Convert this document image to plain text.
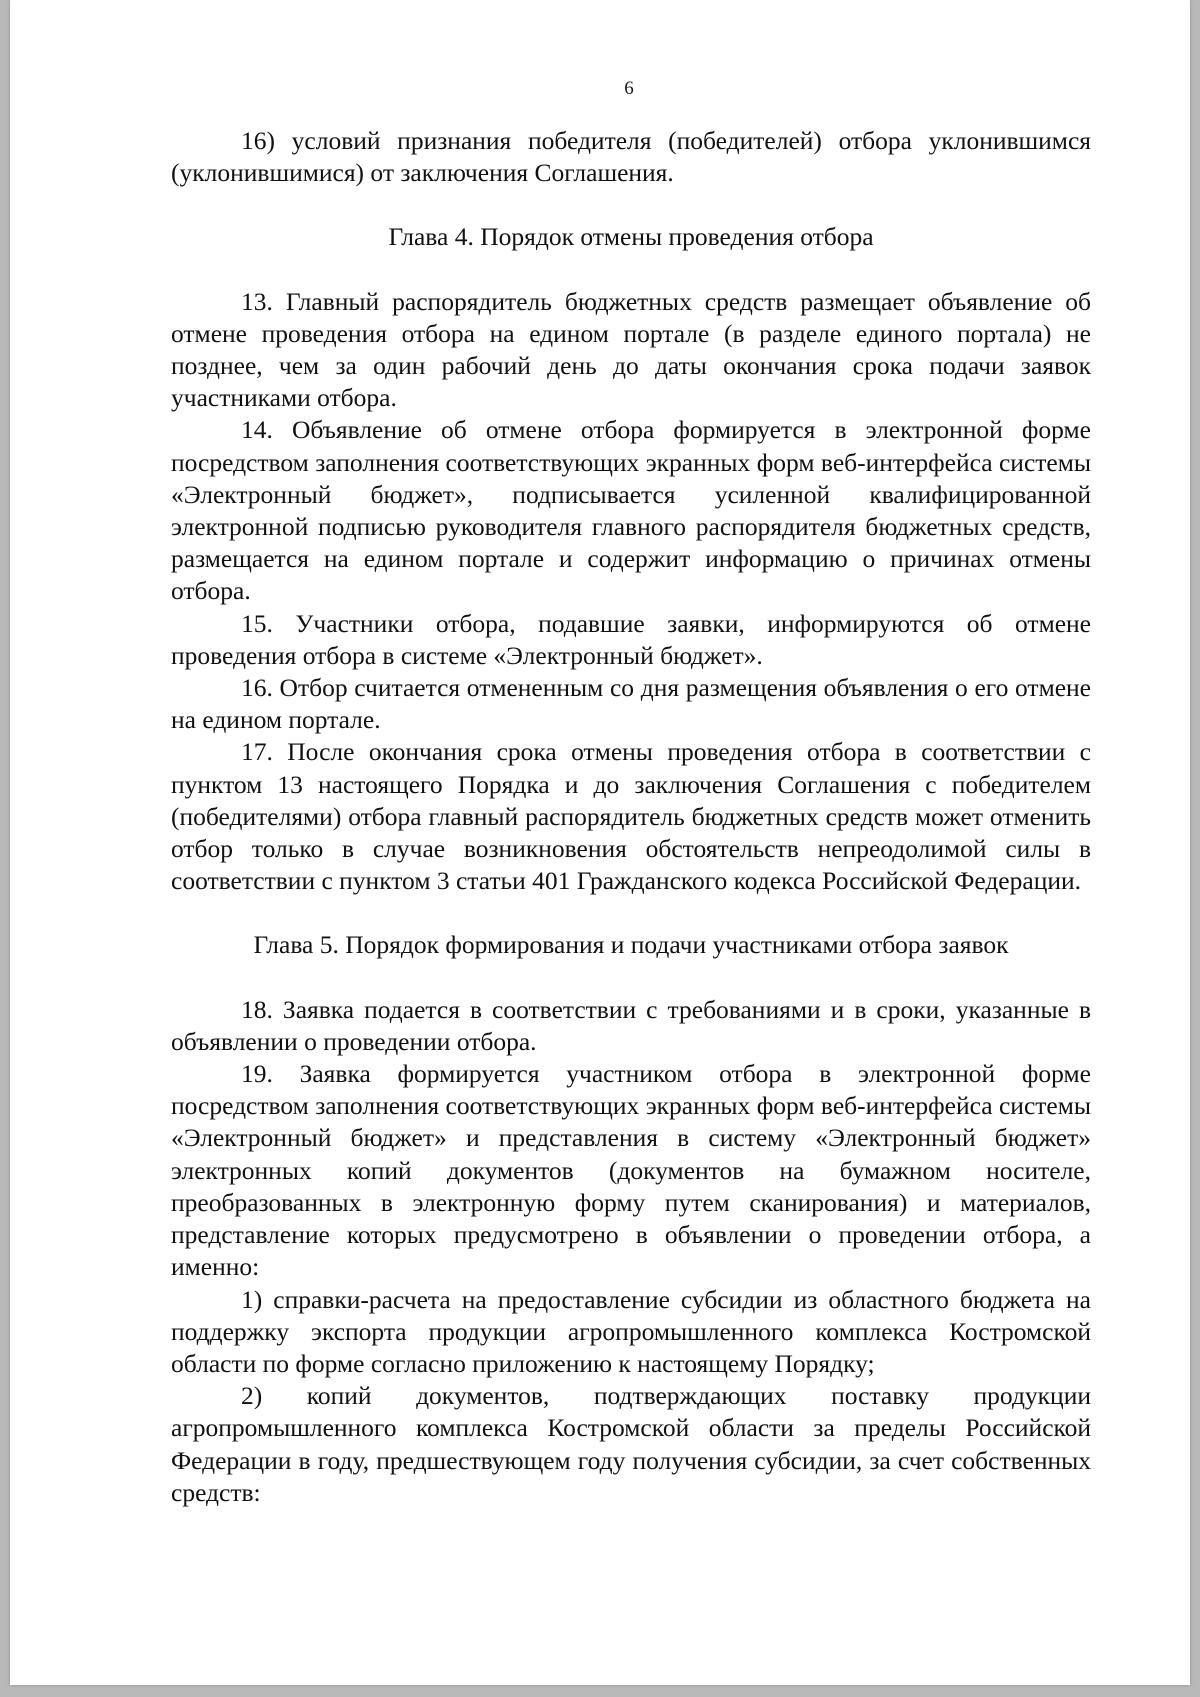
6

16) условий признания победителя (победителей) отбора уклонившимся (уклонившимися) от заключения Соглашения.

Глава 4. Порядок отмены проведения отбора

13. Главный распорядитель бюджетных средств размещает объявление об отмене проведения отбора на едином портале (в разделе единого портала) не позднее, чем за один рабочий день до даты окончания срока подачи заявок участниками отбора.

14. Объявление об отмене отбора формируется в электронной форме посредством заполнения соответствующих экранных форм веб-интерфейса системы «Электронный бюджет», подписывается усиленной квалифицированной электронной подписью руководителя главного распорядителя бюджетных средств, размещается на едином портале и содержит информацию о причинах отмены отбора.

15. Участники отбора, подавшие заявки, информируются об отмене проведения отбора в системе «Электронный бюджет».

16. Отбор считается отмененным со дня размещения объявления о его отмене на едином портале.

17. После окончания срока отмены проведения отбора в соответствии с пунктом 13 настоящего Порядка и до заключения Соглашения с победителем (победителями) отбора главный распорядитель бюджетных средств может отменить отбор только в случае возникновения обстоятельств непреодолимой силы в соответствии с пунктом 3 статьи 401 Гражданского кодекса Российской Федерации.

Глава 5. Порядок формирования и подачи участниками отбора заявок

18. Заявка подается в соответствии с требованиями и в сроки, указанные в объявлении о проведении отбора.

19. Заявка формируется участником отбора в электронной форме посредством заполнения соответствующих экранных форм веб-интерфейса системы «Электронный бюджет» и представления в систему «Электронный бюджет» электронных копий документов (документов на бумажном носителе, преобразованных в электронную форму путем сканирования) и материалов, представление которых предусмотрено в объявлении о проведении отбора, а именно:

1) справки-расчета на предоставление субсидии из областного бюджета на поддержку экспорта продукции агропромышленного комплекса Костромской области по форме согласно приложению к настоящему Порядку;

2) копий документов, подтверждающих поставку продукции агропромышленного комплекса Костромской области за пределы Российской Федерации в году, предшествующем году получения субсидии, за счет собственных средств:
